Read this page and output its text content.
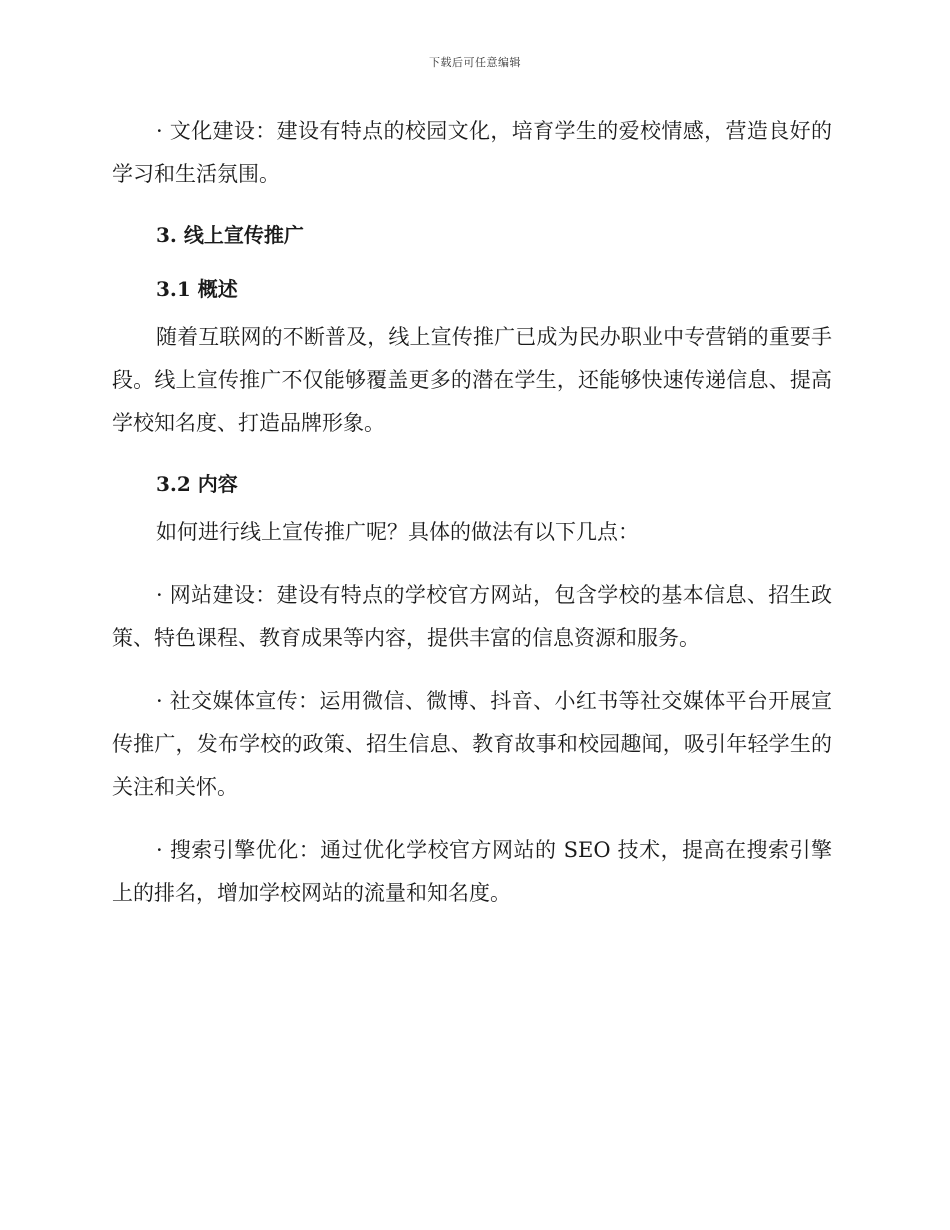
下载后可任意编辑

· 文化建设：建设有特点的校园文化，培育学生的爱校情感，营造良好的学习和生活氛围。

3. 线上宣传推广

3.1 概述

随着互联网的不断普及，线上宣传推广已成为民办职业中专营销的重要手段。线上宣传推广不仅能够覆盖更多的潜在学生，还能够快速传递信息、提高学校知名度、打造品牌形象。

3.2 内容

如何进行线上宣传推广呢？具体的做法有以下几点：

· 网站建设：建设有特点的学校官方网站，包含学校的基本信息、招生政策、特色课程、教育成果等内容，提供丰富的信息资源和服务。

· 社交媒体宣传：运用微信、微博、抖音、小红书等社交媒体平台开展宣传推广，发布学校的政策、招生信息、教育故事和校园趣闻，吸引年轻学生的关注和关怀。

· 搜索引擎优化：通过优化学校官方网站的 SEO 技术，提高在搜索引擎上的排名，增加学校网站的流量和知名度。
